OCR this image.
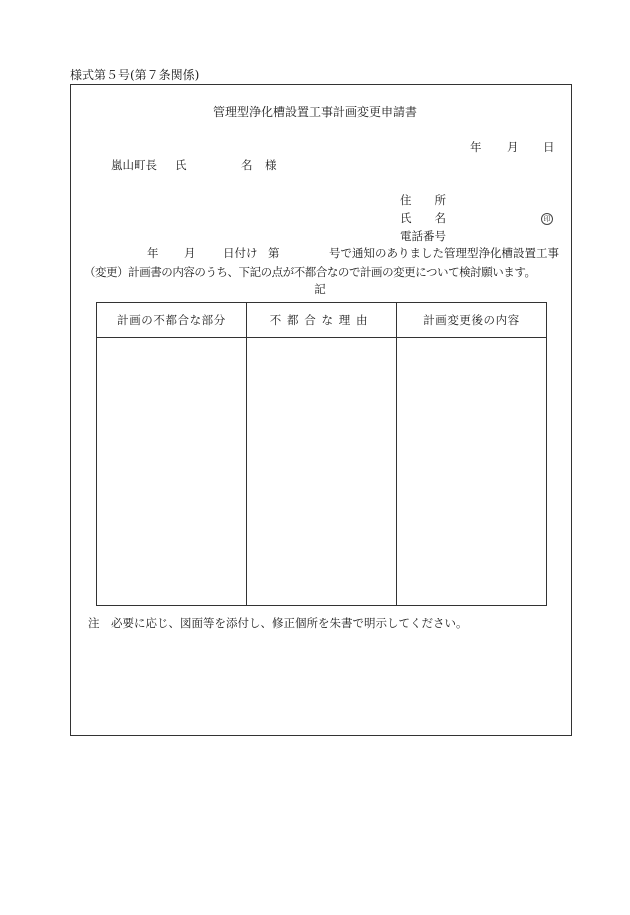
様式第５号(第７条関係)
管理型浄化槽設置工事計画変更申請書
年 月 日
嵐山町長 氏	名 様
住　　所
氏　　名	印
電話番号
年 月 日付け 第	号で通知のありました管理型浄化槽設置工事
（変更）計画書の内容のうち、下記の点が不都合なので計画の変更について検討願います。
記
計画の不都合な部分	不都合な理由	計画変更後の内容

注　必要に応じ、図面等を添付し、修正個所を朱書で明示してください。
